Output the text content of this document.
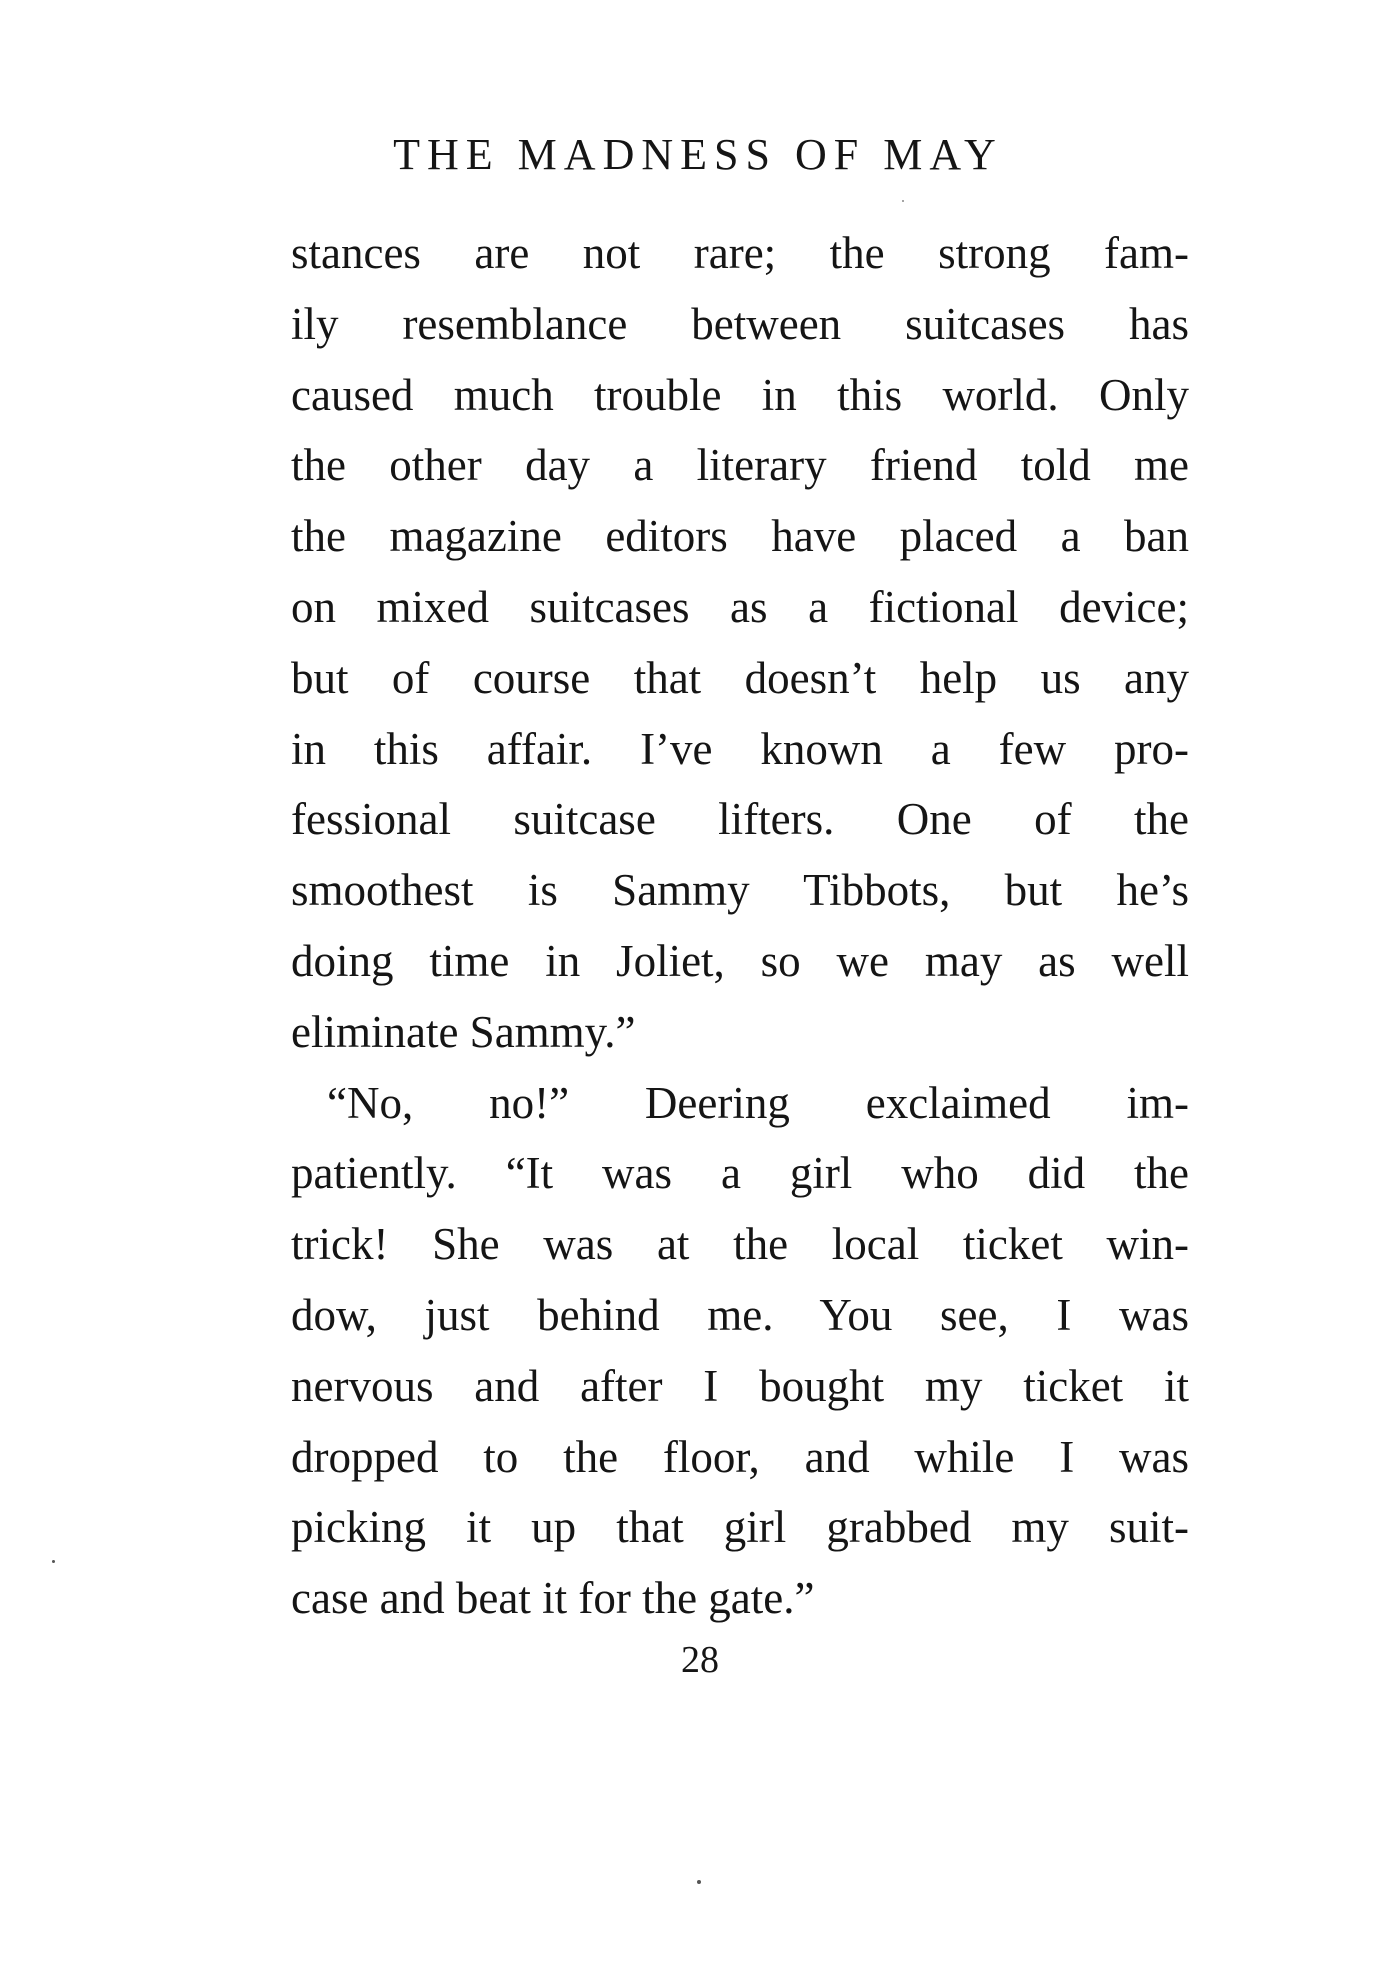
THE MADNESS OF MAY
stances are not rare; the strong fam-
ily resemblance between suitcases has
caused much trouble in this world. Only
the other day a literary friend told me
the magazine editors have placed a ban
on mixed suitcases as a fictional device;
but of course that doesn’t help us any
in this affair. I’ve known a few pro-
fessional suitcase lifters. One of the
smoothest is Sammy Tibbots, but he’s
doing time in Joliet, so we may as well
eliminate Sammy.”
“No, no!” Deering exclaimed im-
patiently. “It was a girl who did the
trick! She was at the local ticket win-
dow, just behind me. You see, I was
nervous and after I bought my ticket it
dropped to the floor, and while I was
picking it up that girl grabbed my suit-
case and beat it for the gate.”
28
